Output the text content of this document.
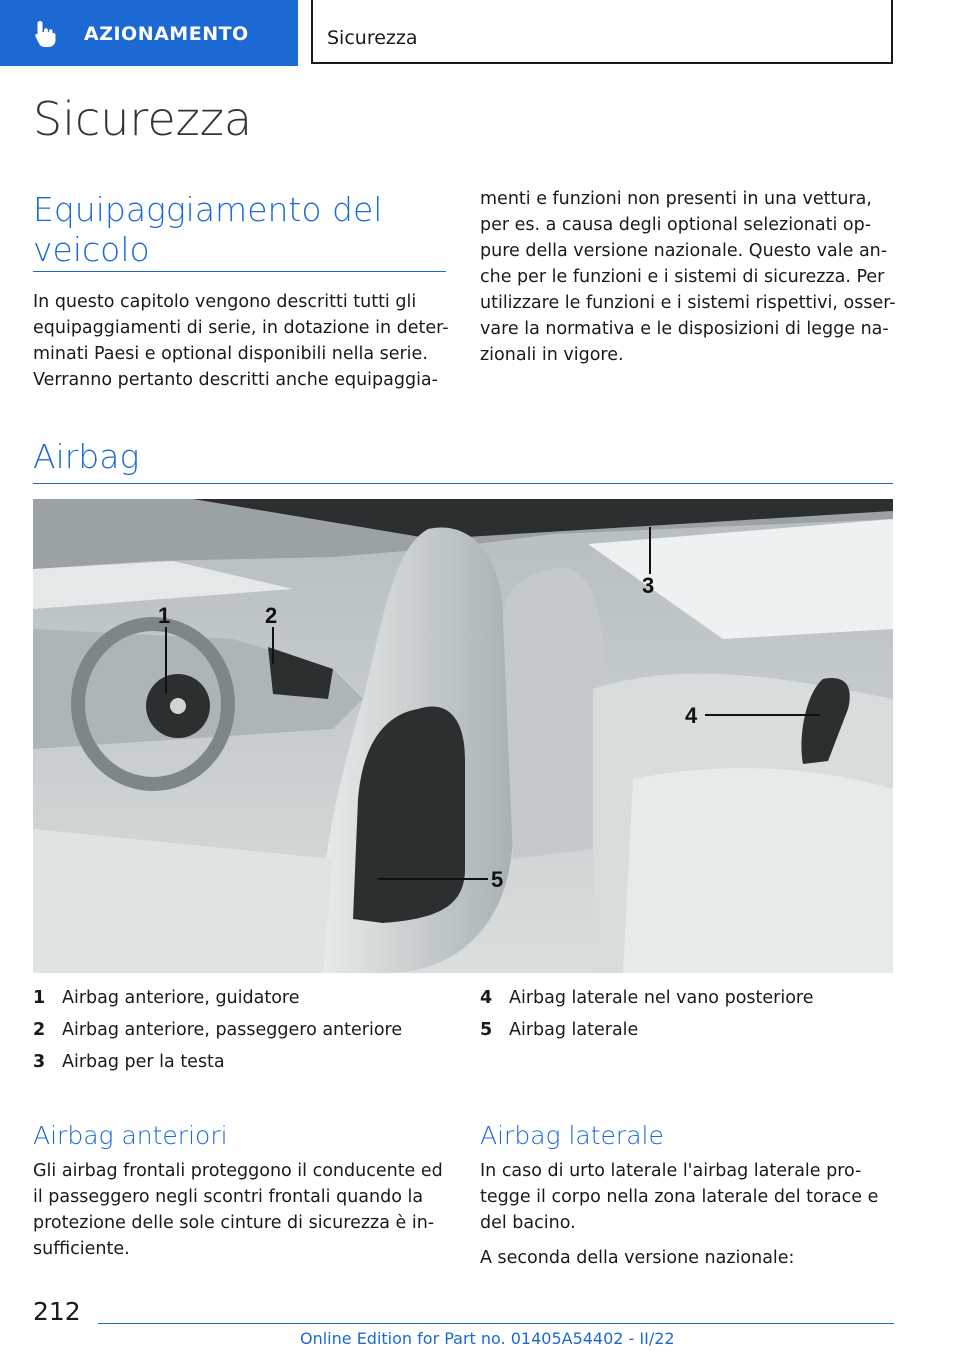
AZIONAMENTO	Sicurezza
Sicurezza
Equipaggiamento del
veicolo

In questo capitolo vengono descritti tutti gli

equipaggiamenti di serie, in dotazione in deter-

minati Paesi e optional disponibili nella serie.

Verranno pertanto descritti anche equipaggia-

menti e funzioni non presenti in una vettura,

per es. a causa degli optional selezionati op-

pure della versione nazionale. Questo vale an-

che per le funzioni e i sistemi di sicurezza. Per

utilizzare le funzioni e i sistemi rispettivi, osser-

vare la normativa e le disposizioni di legge na-

zionali in vigore.

Airbag
1	2
3
4
5
1 Airbag anteriore, guidatore
2 Airbag anteriore, passeggero anteriore
3 Airbag per la testa
4 Airbag laterale nel vano posteriore
5 Airbag laterale
Airbag anteriori

Gli airbag frontali proteggono il conducente ed

il passeggero negli scontri frontali quando la

protezione delle sole cinture di sicurezza è in-

sufficiente.

Airbag laterale

In caso di urto laterale l'airbag laterale pro-

tegge il corpo nella zona laterale del torace e

del bacino.

A seconda della versione nazionale:

212
Online Edition for Part no. 01405A54402 - II/22
